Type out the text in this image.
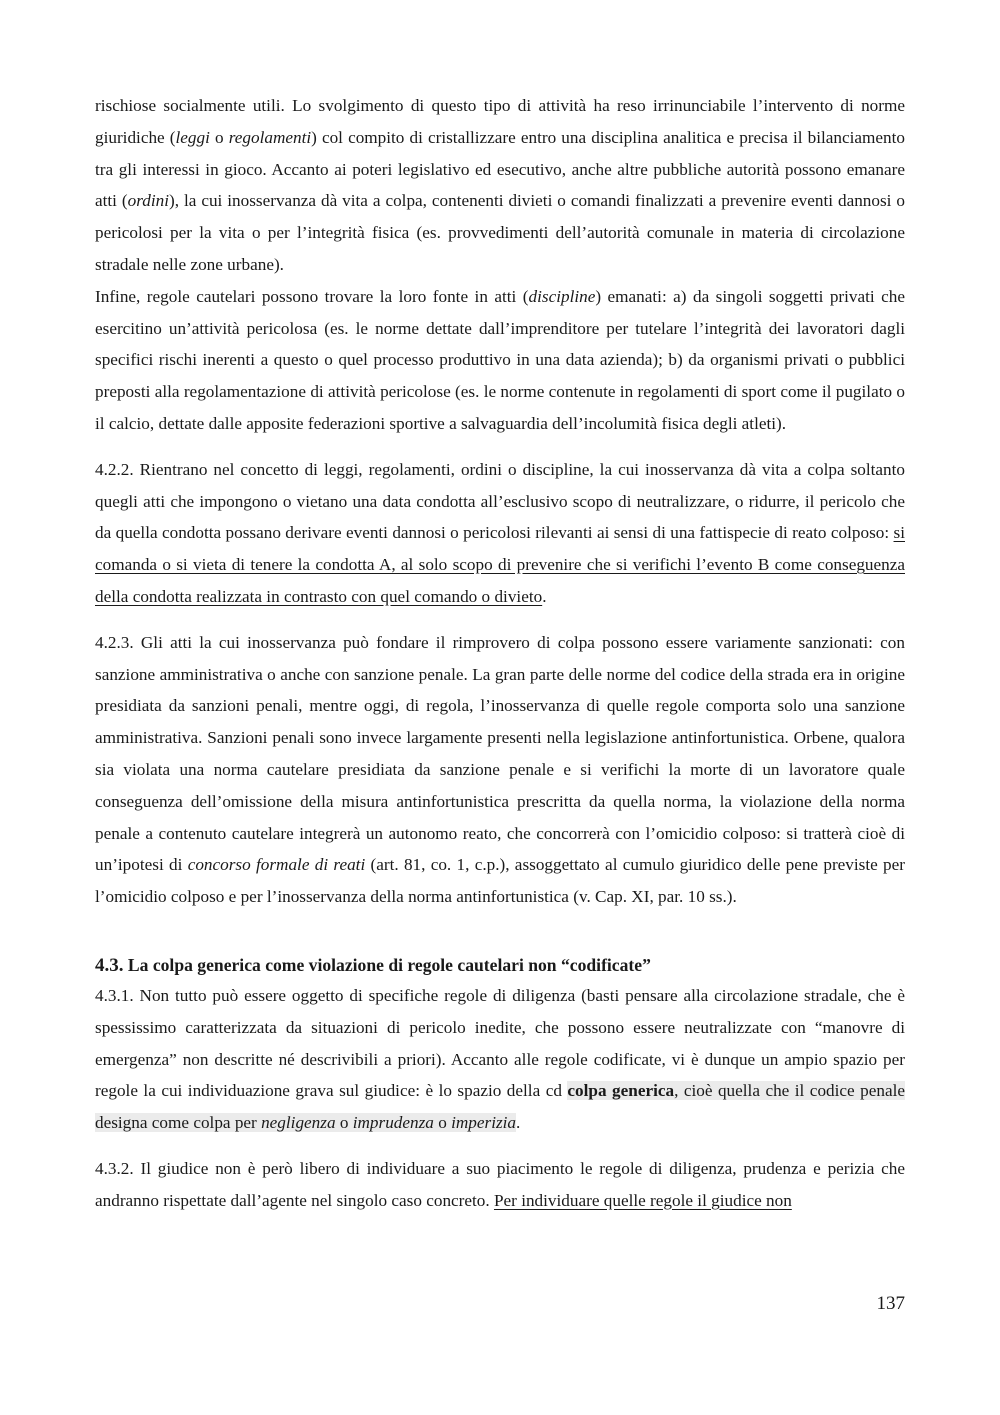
rischiose socialmente utili. Lo svolgimento di questo tipo di attività ha reso irrinunciabile l’intervento di norme giuridiche (leggi o regolamenti) col compito di cristallizzare entro una disciplina analitica e precisa il bilanciamento tra gli interessi in gioco. Accanto ai poteri legislativo ed esecutivo, anche altre pubbliche autorità possono emanare atti (ordini), la cui inosservanza dà vita a colpa, contenenti divieti o comandi finalizzati a prevenire eventi dannosi o pericolosi per la vita o per l’integrità fisica (es. provvedimenti dell’autorità comunale in materia di circolazione stradale nelle zone urbane).

Infine, regole cautelari possono trovare la loro fonte in atti (discipline) emanati: a) da singoli soggetti privati che esercitino un’attività pericolosa (es. le norme dettate dall’imprenditore per tutelare l’integrità dei lavoratori dagli specifici rischi inerenti a questo o quel processo produttivo in una data azienda); b) da organismi privati o pubblici preposti alla regolamentazione di attività pericolose (es. le norme contenute in regolamenti di sport come il pugilato o il calcio, dettate dalle apposite federazioni sportive a salvaguardia dell’incolumità fisica degli atleti).

4.2.2. Rientrano nel concetto di leggi, regolamenti, ordini o discipline, la cui inosservanza dà vita a colpa soltanto quegli atti che impongono o vietano una data condotta all’esclusivo scopo di neutralizzare, o ridurre, il pericolo che da quella condotta possano derivare eventi dannosi o pericolosi rilevanti ai sensi di una fattispecie di reato colposo: si comanda o si vieta di tenere la condotta A, al solo scopo di prevenire che si verifichi l’evento B come conseguenza della condotta realizzata in contrasto con quel comando o divieto.

4.2.3. Gli atti la cui inosservanza può fondare il rimprovero di colpa possono essere variamente sanzionati: con sanzione amministrativa o anche con sanzione penale. La gran parte delle norme del codice della strada era in origine presidiata da sanzioni penali, mentre oggi, di regola, l’inosservanza di quelle regole comporta solo una sanzione amministrativa. Sanzioni penali sono invece largamente presenti nella legislazione antinfortunistica. Orbene, qualora sia violata una norma cautelare presidiata da sanzione penale e si verifichi la morte di un lavoratore quale conseguenza dell’omissione della misura antinfortunistica prescritta da quella norma, la violazione della norma penale a contenuto cautelare integrerà un autonomo reato, che concorrerà con l’omicidio colposo: si tratterà cioè di un’ipotesi di concorso formale di reati (art. 81, co. 1, c.p.), assoggettato al cumulo giuridico delle pene previste per l’omicidio colposo e per l’inosservanza della norma antinfortunistica (v. Cap. XI, par. 10 ss.).

4.3. La colpa generica come violazione di regole cautelari non “codificate”

4.3.1. Non tutto può essere oggetto di specifiche regole di diligenza (basti pensare alla circolazione stradale, che è spessissimo caratterizzata da situazioni di pericolo inedite, che possono essere neutralizzate con “manovre di emergenza” non descritte né descrivibili a priori). Accanto alle regole codificate, vi è dunque un ampio spazio per regole la cui individuazione grava sul giudice: è lo spazio della cd colpa generica, cioè quella che il codice penale designa come colpa per negligenza o imprudenza o imperizia.

4.3.2. Il giudice non è però libero di individuare a suo piacimento le regole di diligenza, prudenza e perizia che andranno rispettate dall’agente nel singolo caso concreto. Per individuare quelle regole il giudice non

137
